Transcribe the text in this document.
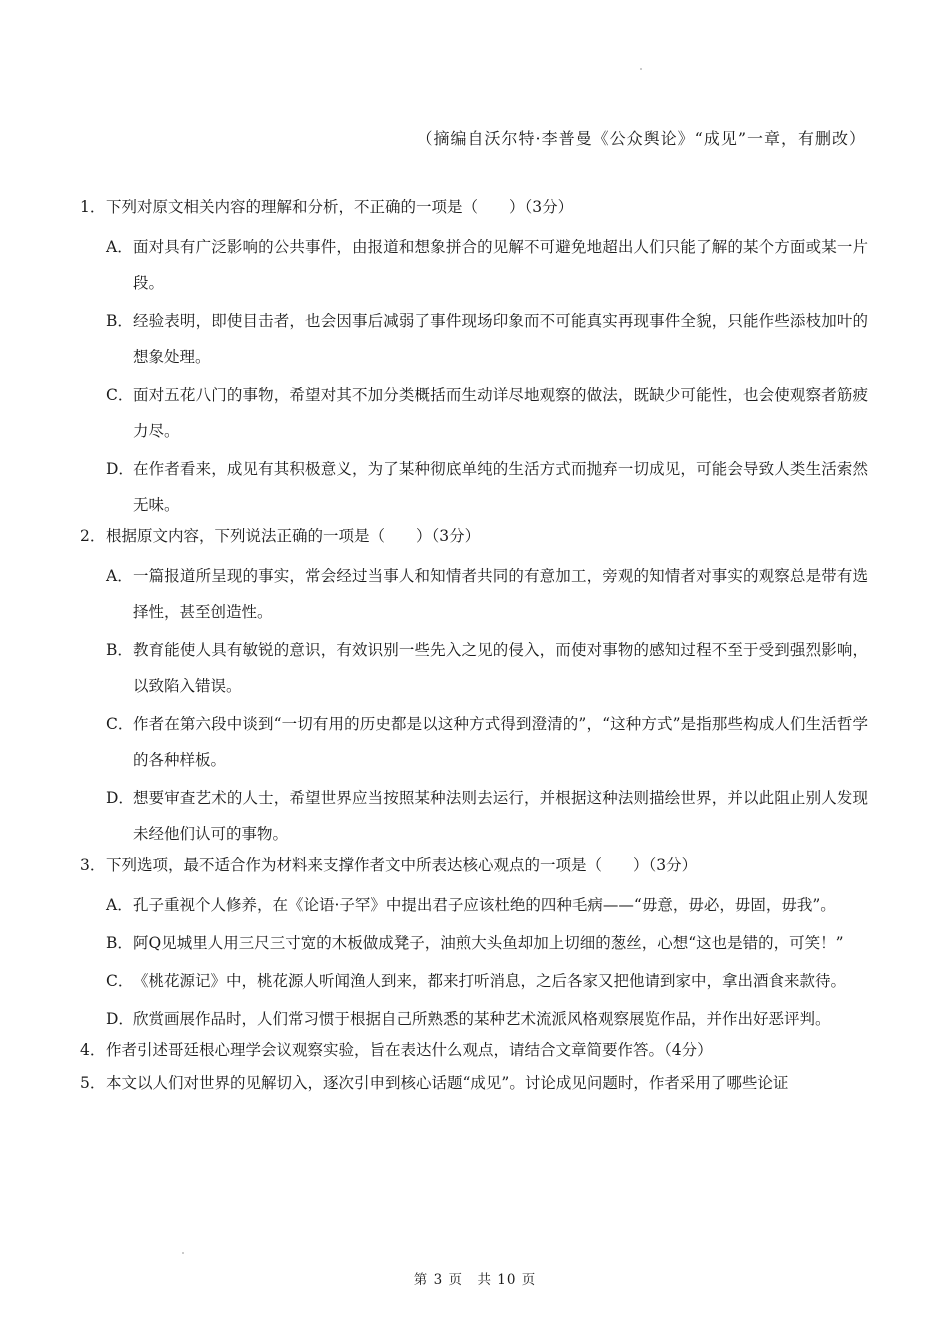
（摘编自沃尔特·李普曼《公众舆论》“成见”一章，有删改）
1．下列对原文相关内容的理解和分析，不正确的一项是（　　）（3分）
A． 面对具有广泛影响的公共事件，由报道和想象拼合的见解不可避免地超出人们只能了解的某个方面或某一片段。
B． 经验表明，即使目击者，也会因事后减弱了事件现场印象而不可能真实再现事件全貌，只能作些添枝加叶的想象处理。
C． 面对五花八门的事物，希望对其不加分类概括而生动详尽地观察的做法，既缺少可能性，也会使观察者筋疲力尽。
D． 在作者看来，成见有其积极意义，为了某种彻底单纯的生活方式而抛弃一切成见，可能会导致人类生活索然无味。
2．根据原文内容，下列说法正确的一项是（　　）（3分）
A． 一篇报道所呈现的事实，常会经过当事人和知情者共同的有意加工，旁观的知情者对事实的观察总是带有选择性，甚至创造性。
B． 教育能使人具有敏锐的意识，有效识别一些先入之见的侵入，而使对事物的感知过程不至于受到强烈影响，以致陷入错误。
C． 作者在第六段中谈到“一切有用的历史都是以这种方式得到澄清的”，“这种方式”是指那些构成人们生活哲学的各种样板。
D． 想要审查艺术的人士，希望世界应当按照某种法则去运行，并根据这种法则描绘世界，并以此阻止别人发现未经他们认可的事物。
3．下列选项，最不适合作为材料来支撑作者文中所表达核心观点的一项是（　　）（3分）
A． 孔子重视个人修养，在《论语·子罕》中提出君子应该杜绝的四种毛病——“毋意，毋必，毋固，毋我”。
B． 阿Q见城里人用三尺三寸宽的木板做成凳子，油煎大头鱼却加上切细的葱丝，心想“这也是错的，可笑！”
C． 《桃花源记》中，桃花源人听闻渔人到来，都来打听消息，之后各家又把他请到家中，拿出酒食来款待。
D． 欣赏画展作品时，人们常习惯于根据自己所熟悉的某种艺术流派风格观察展览作品，并作出好恶评判。
4．作者引述哥廷根心理学会议观察实验，旨在表达什么观点，请结合文章简要作答。（4分）
5．本文以人们对世界的见解切入，逐次引申到核心话题“成见”。讨论成见问题时，作者采用了哪些论证
第 3 页　共 10 页
